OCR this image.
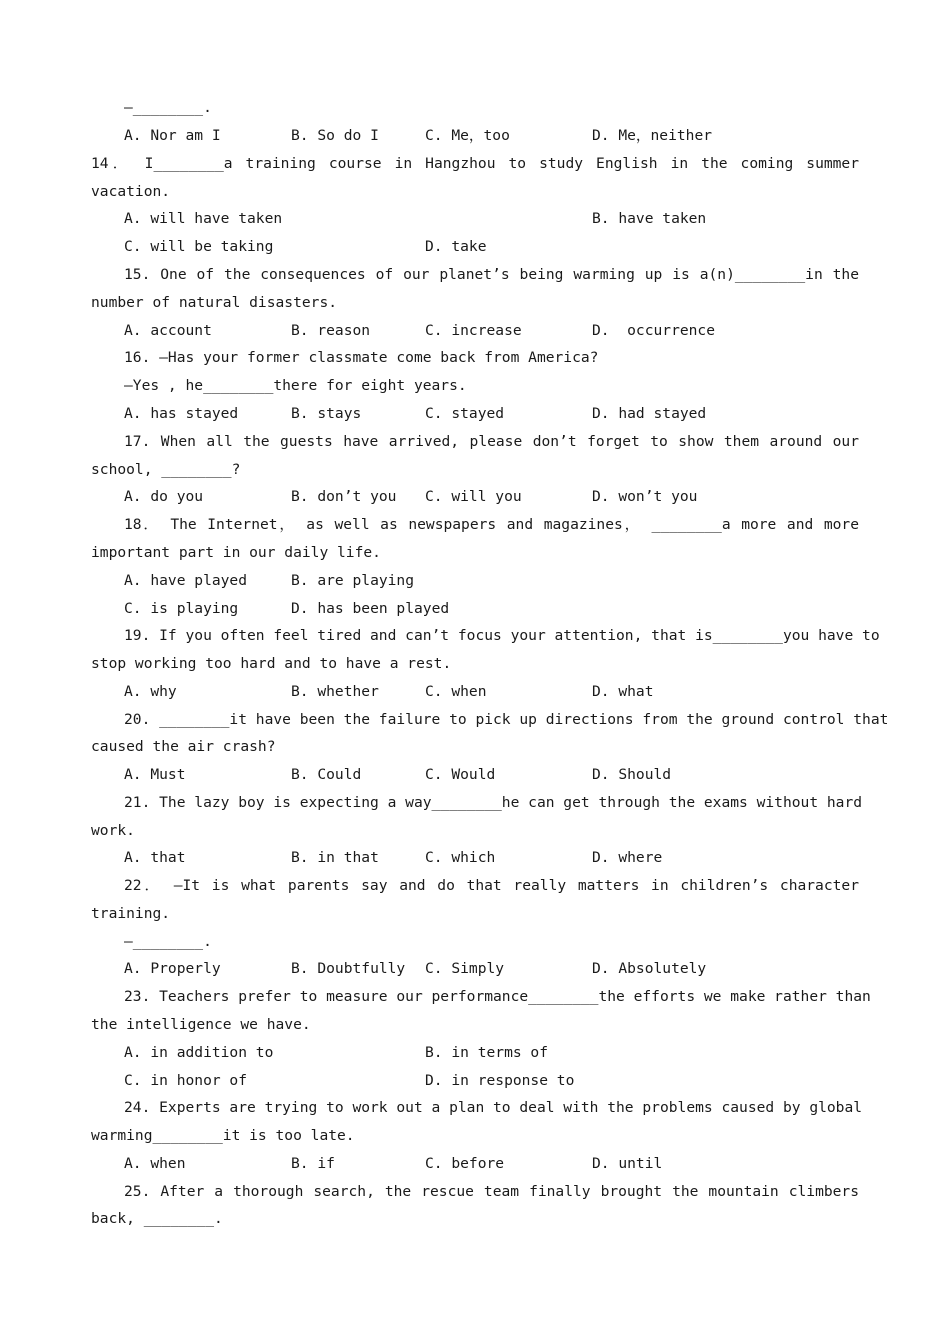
—________.
A. Nor am I	B. So do I	C. Me，too	D. Me，neither
14． I________a training course in Hangzhou to study English in the coming summer
vacation.
A. will have taken	B. have taken
C. will be taking	D. take
15. One of the consequences of our planet’s being warming up is a(n)________in the
number of natural disasters.
A. account	B. reason	C. increase	D.  occurrence
16. —Has your former classmate come back from America?
—Yes , he________there for eight years.
A. has stayed	B. stays	C. stayed	D. had stayed
17. When all the guests have arrived, please don’t forget to show them around our
school, ________?
A. do you	B. don’t you C. will you	D. won’t you
18． The Internet， as well as newspapers and magazines， ________a more and more
important part in our daily life.
A. have played	B. are playing
C. is playing	D. has been played
19. If you often feel tired and can’t focus your attention, that is________you have to
stop working too hard and to have a rest.
A. why	B. whether	C. when	D. what
20. ________it have been the failure to pick up directions from the ground control that
caused the air crash?
A. Must	B. Could	C. Would	D. Should
21. The lazy boy is expecting a way________he can get through the exams without hard
work.
A. that	B. in that	C. which	D. where
22． —It is what parents say and do that really matters in children’s character
training.
—________.
A. Properly	B. Doubtfully C. Simply	D. Absolutely
23. Teachers prefer to measure our performance________the efforts we make rather than
the intelligence we have.
A. in addition to	B. in terms of
C. in honor of	D. in response to
24. Experts are trying to work out a plan to deal with the problems caused by global
warming________it is too late.
A. when	B. if	C. before	D. until
25. After a thorough search, the rescue team finally brought the mountain climbers
back, ________.
